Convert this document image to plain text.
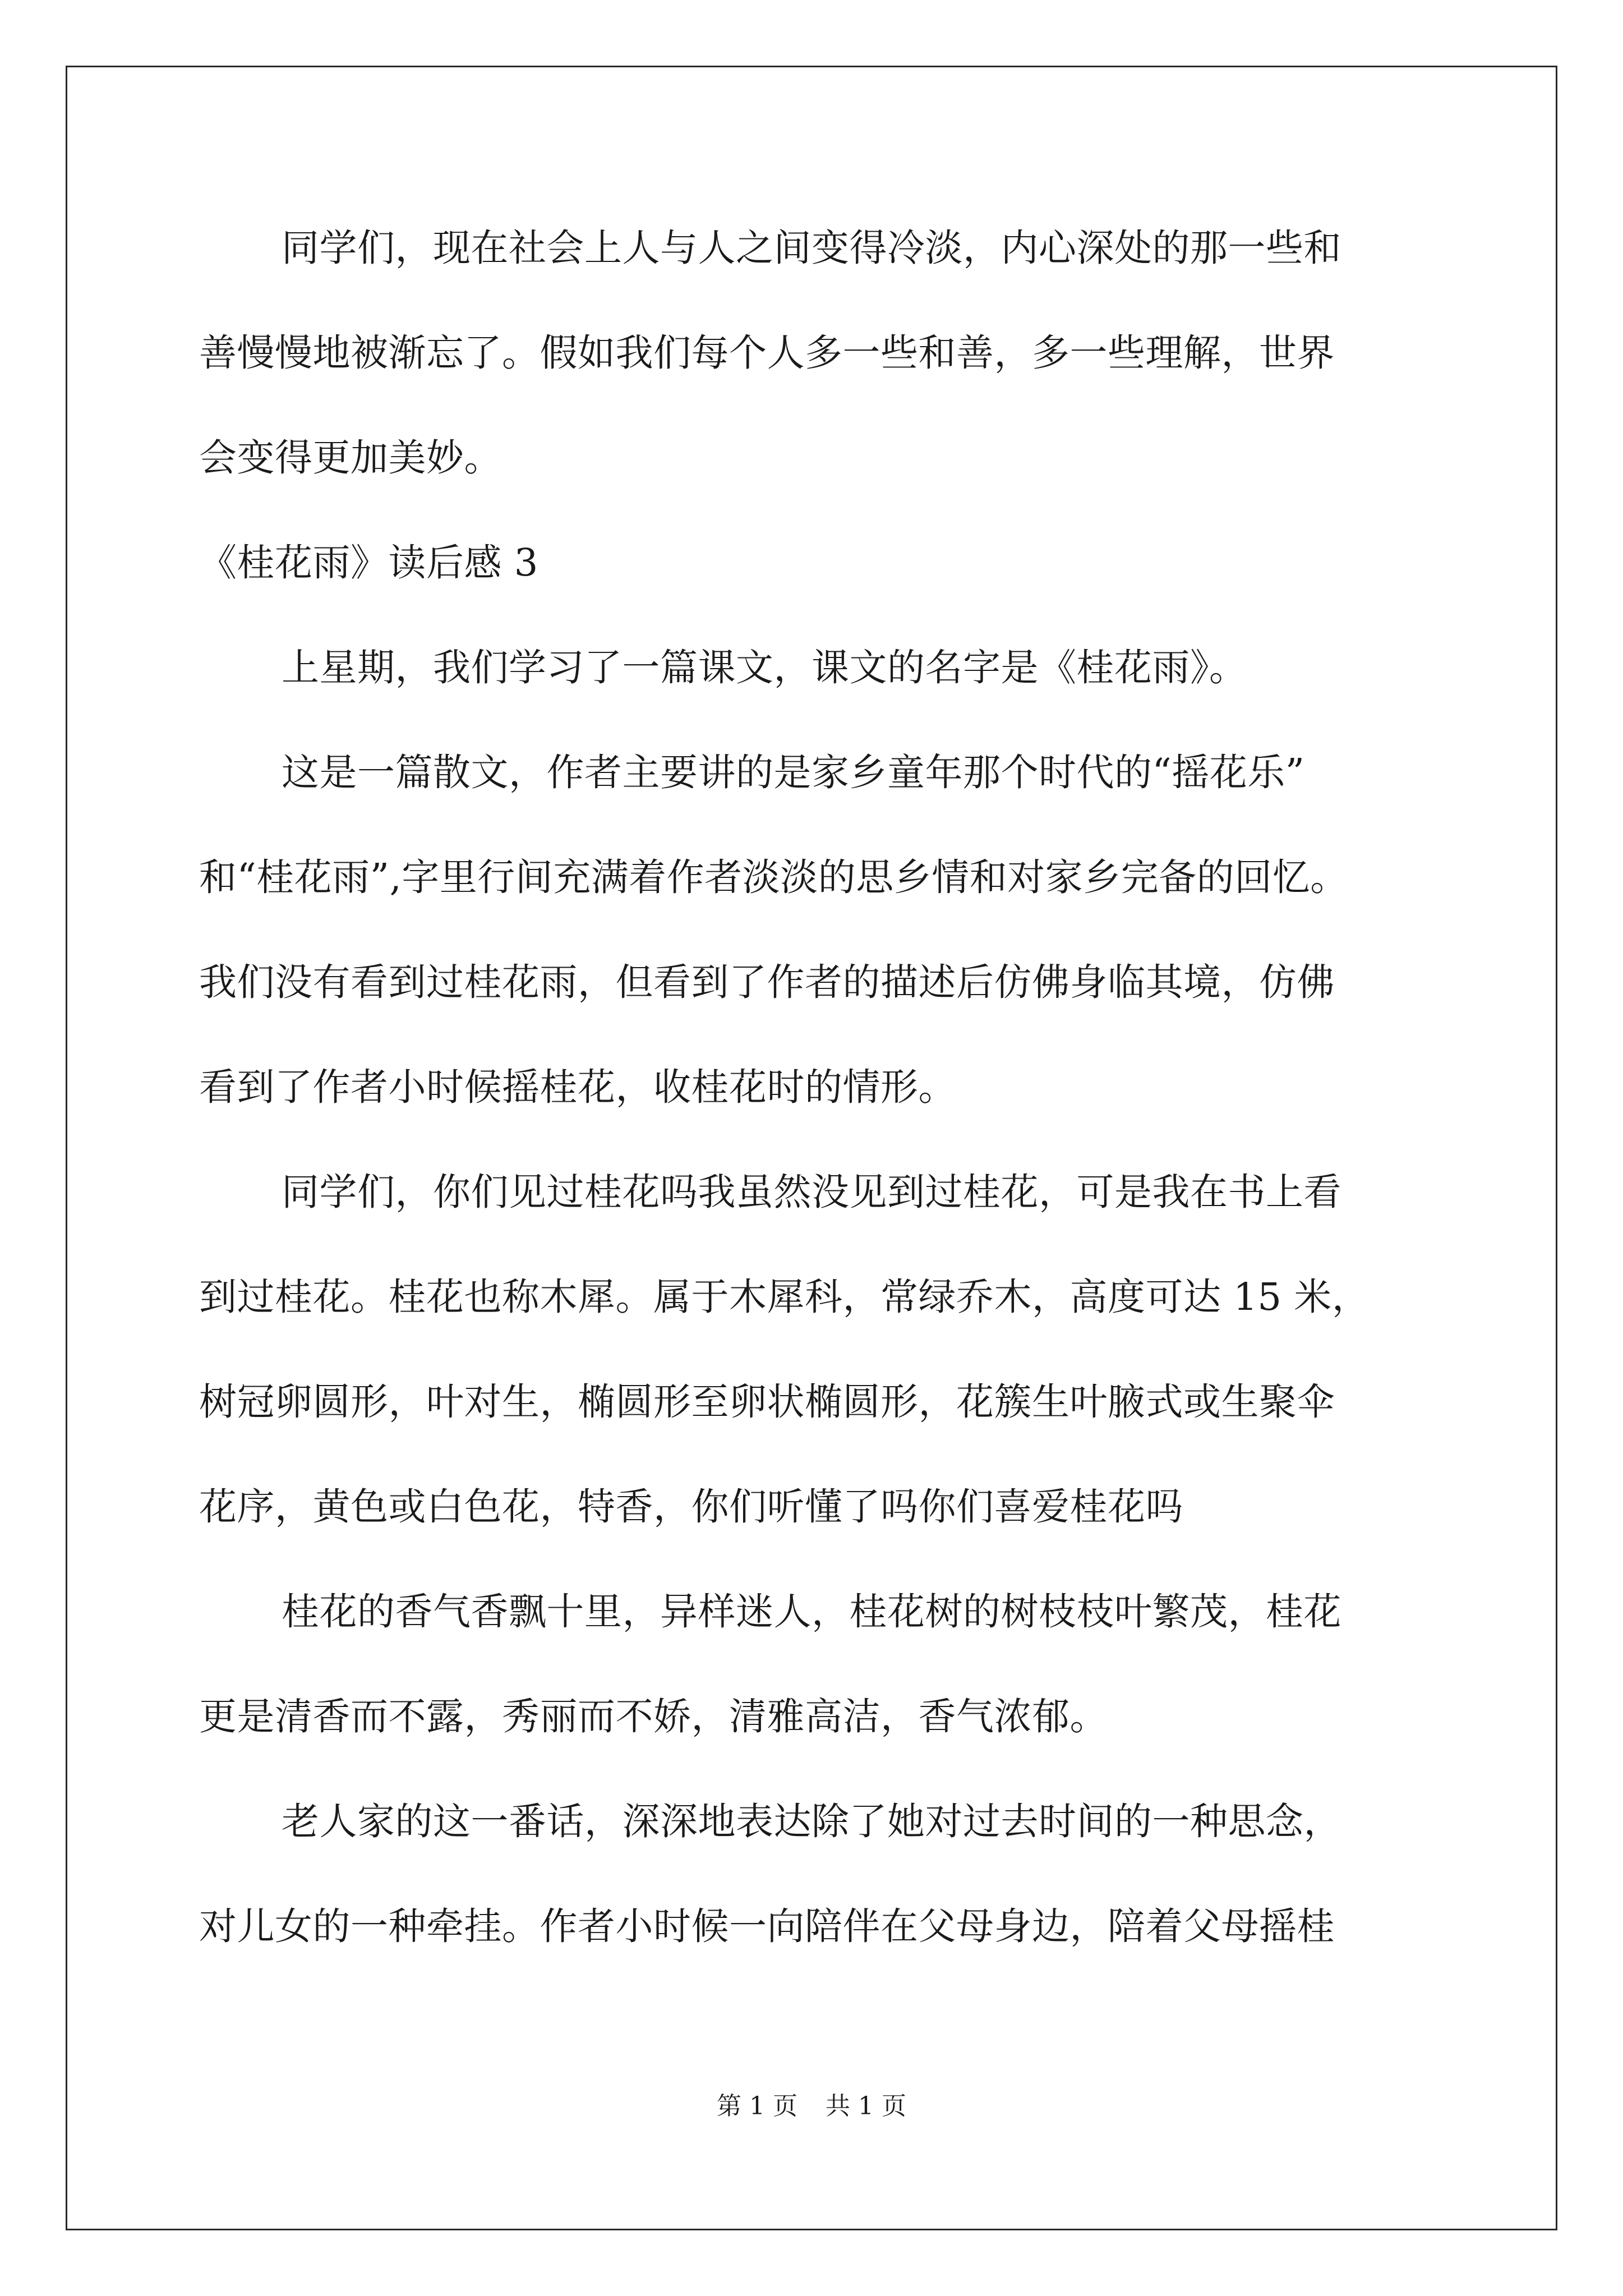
同学们，现在社会上人与人之间变得冷淡，内心深处的那一些和
善慢慢地被渐忘了。假如我们每个人多一些和善，多一些理解，世界
会变得更加美妙。
《桂花雨》读后感 3
上星期，我们学习了一篇课文，课文的名字是《桂花雨》。
这是一篇散文，作者主要讲的是家乡童年那个时代的“摇花乐”
和“桂花雨”,字里行间充满着作者淡淡的思乡情和对家乡完备的回忆。
我们没有看到过桂花雨，但看到了作者的描述后仿佛身临其境，仿佛
看到了作者小时候摇桂花，收桂花时的情形。
同学们，你们见过桂花吗我虽然没见到过桂花，可是我在书上看
到过桂花。桂花也称木犀。属于木犀科，常绿乔木，高度可达 15 米，
树冠卵圆形，叶对生，椭圆形至卵状椭圆形，花簇生叶腋式或生聚伞
花序，黄色或白色花，特香，你们听懂了吗你们喜爱桂花吗
桂花的香气香飘十里，异样迷人，桂花树的树枝枝叶繁茂，桂花
更是清香而不露，秀丽而不娇，清雅高洁，香气浓郁。
老人家的这一番话，深深地表达除了她对过去时间的一种思念，
对儿女的一种牵挂。作者小时候一向陪伴在父母身边，陪着父母摇桂
第 1 页 共 1 页
